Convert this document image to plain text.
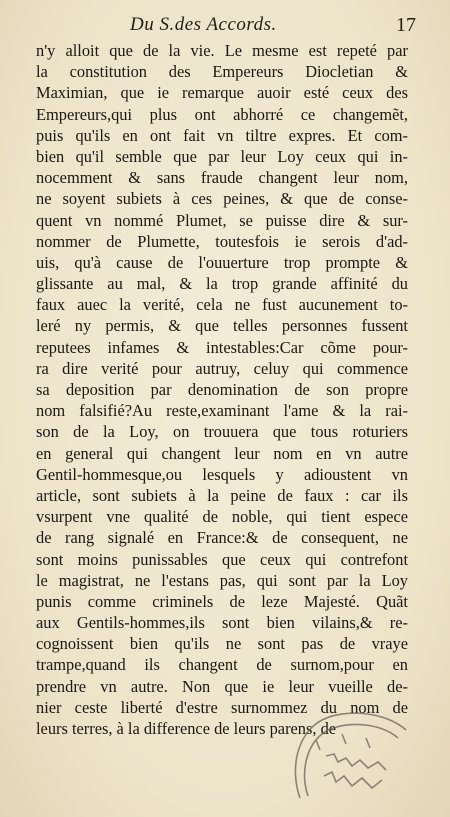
Du S.des Accords.	17
n'y alloit que de la vie. Le mesme est repeté par
la constitution des Empereurs Diocletian &
Maximian, que ie remarque auoir esté ceux des
Empereurs,qui plus ont abhorré ce changemẽt,
puis qu'ils en ont fait vn tiltre expres. Et com-
bien qu'il semble que par leur Loy ceux qui in-
nocemment & sans fraude changent leur nom,
ne soyent subiets à ces peines, & que de conse-
quent vn nommé Plumet, se puisse dire & sur-
nommer de Plumette, toutesfois ie serois d'ad-
uis, qu'à cause de l'ouuerture trop prompte &
glissante au mal, & la trop grande affinité du
faux auec la verité, cela ne fust aucunement to-
leré ny permis, & que telles personnes fussent
reputees infames & intestables:Car cõme pour-
ra dire verité pour autruy, celuy qui commence
sa deposition par denomination de son propre
nom falsifié?Au reste,examinant l'ame & la rai-
son de la Loy, on trouuera que tous roturiers
en general qui changent leur nom en vn autre
Gentil-hommesque,ou lesquels y adioustent vn
article, sont subiets à la peine de faux : car ils
vsurpent vne qualité de noble, qui tient espece
de rang signalé en France:& de consequent, ne
sont moins punissables que ceux qui contrefont
le magistrat, ne l'estans pas, qui sont par la Loy
punis comme criminels de leze Majesté. Quãt
aux Gentils-hommes,ils sont bien vilains,& re-
cognoissent bien qu'ils ne sont pas de vraye
trampe,quand ils changent de surnom,pour en
prendre vn autre. Non que ie leur vueille de-
nier ceste liberté d'estre surnommez du nom de
leurs terres, à la difference de leurs parens, de
